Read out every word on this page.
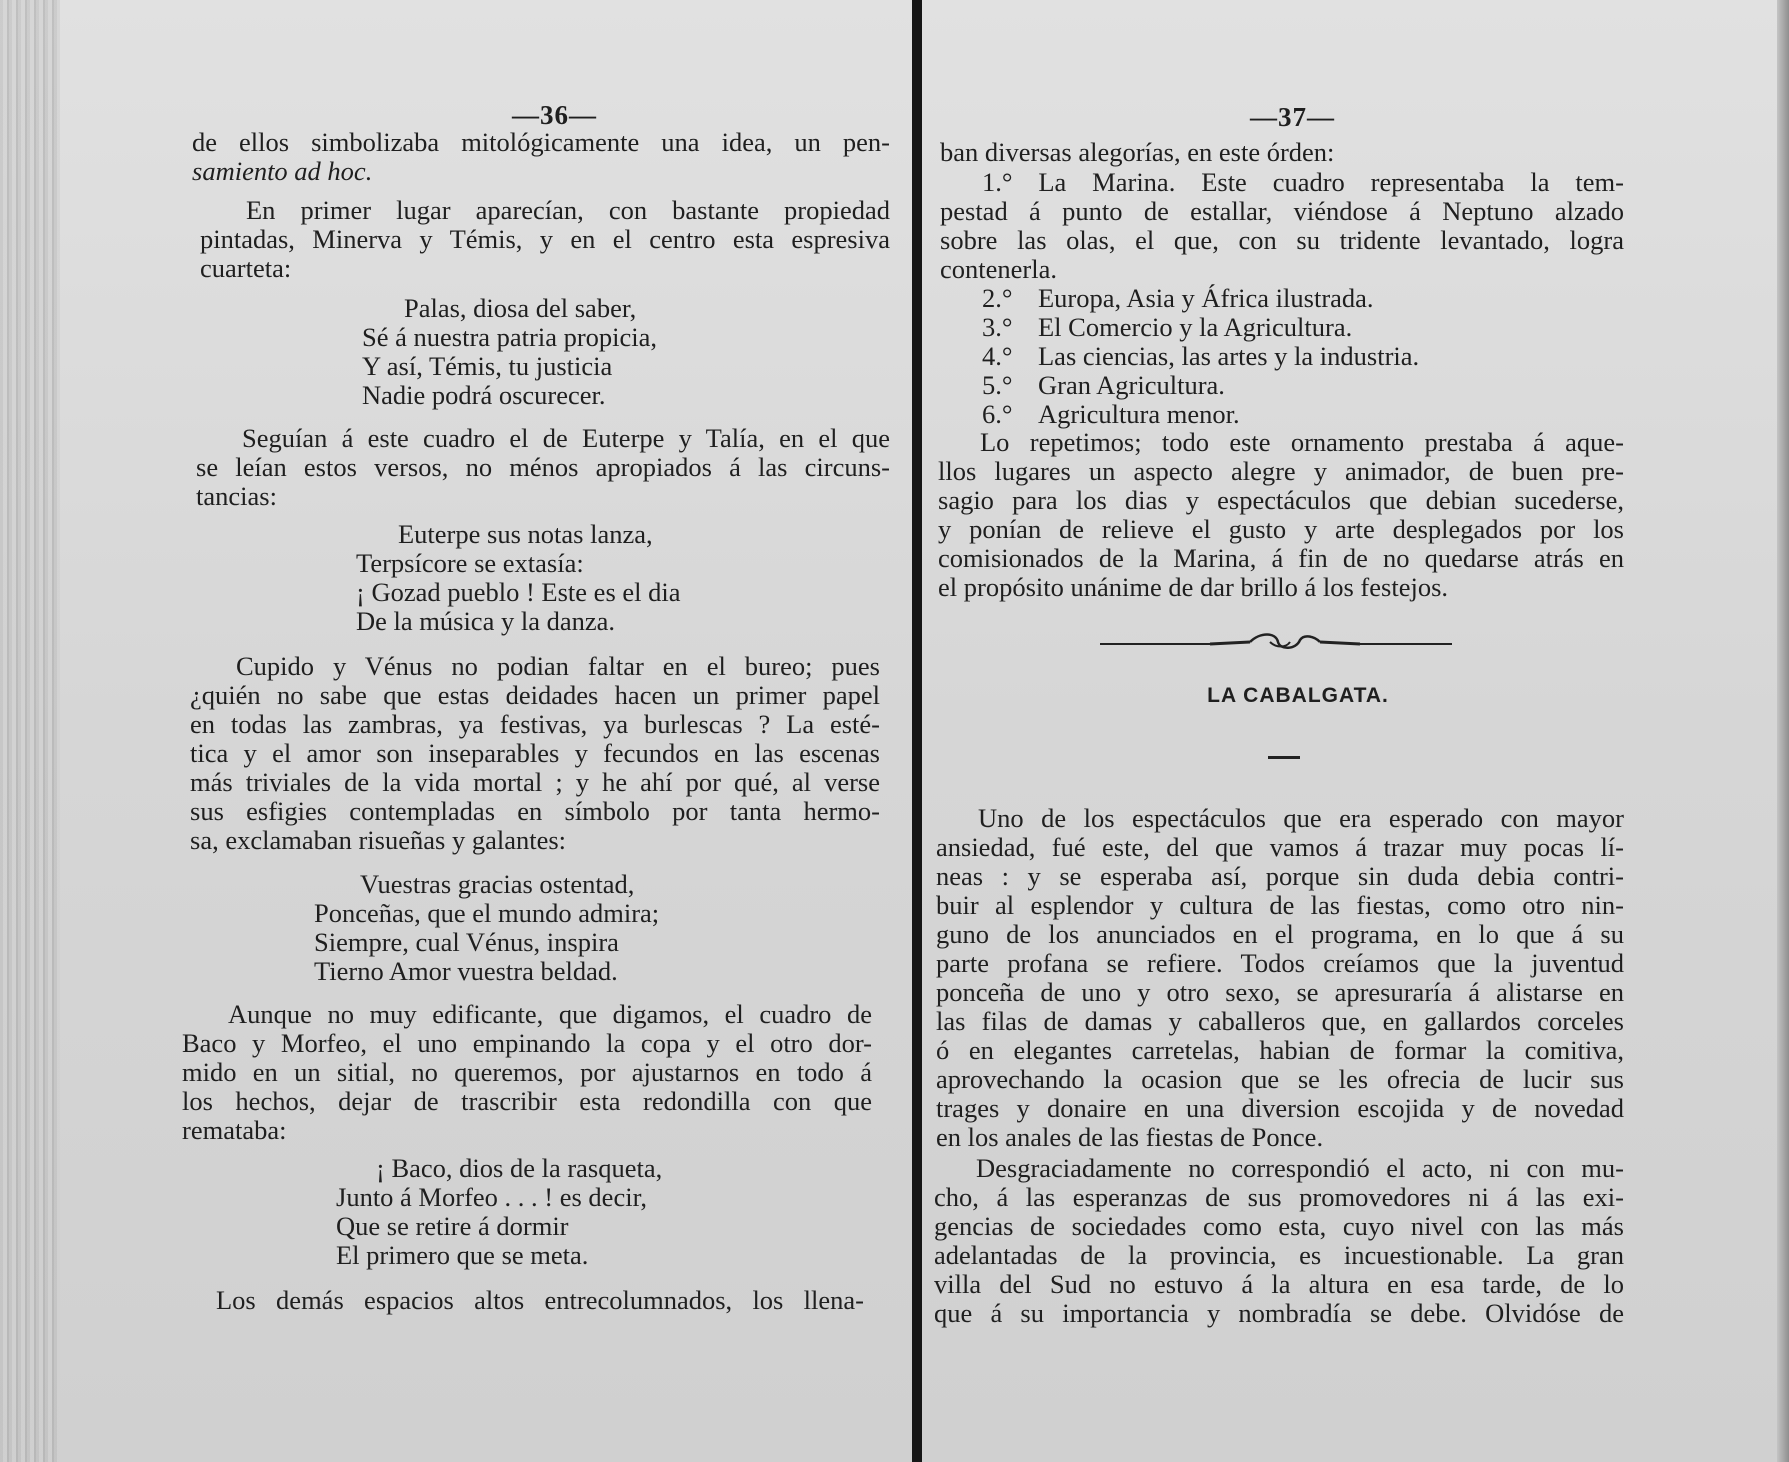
—36—
de ellos simbolizaba mitológicamente una idea, un pen-
samiento ad hoc.
En primer lugar aparecían, con bastante propiedad
pintadas, Minerva y Témis, y en el centro esta espresiva
cuarteta:
Palas, diosa del saber,
Sé á nuestra patria propicia,
Y así, Témis, tu justicia
Nadie podrá oscurecer.
Seguían á este cuadro el de Euterpe y Talía, en el que
se leían estos versos, no ménos apropiados á las circuns-
tancias:
Euterpe sus notas lanza,
Terpsícore se extasía:
¡ Gozad pueblo ! Este es el dia
De la música y la danza.
Cupido y Vénus no podian faltar en el bureo; pues
¿quién no sabe que estas deidades hacen un primer papel
en todas las zambras, ya festivas, ya burlescas ? La esté-
tica y el amor son inseparables y fecundos en las escenas
más triviales de la vida mortal ; y he ahí por qué, al verse
sus esfigies contempladas en símbolo por tanta hermo-
sa, exclamaban risueñas y galantes:
Vuestras gracias ostentad,
Ponceñas, que el mundo admira;
Siempre, cual Vénus, inspira
Tierno Amor vuestra beldad.
Aunque no muy edificante, que digamos, el cuadro de
Baco y Morfeo, el uno empinando la copa y el otro dor-
mido en un sitial, no queremos, por ajustarnos en todo á
los hechos, dejar de trascribir esta redondilla con que
remataba:
¡ Baco, dios de la rasqueta,
Junto á Morfeo . . . ! es decir,
Que se retire á dormir
El primero que se meta.
Los demás espacios altos entrecolumnados, los llena-
—37—
ban diversas alegorías, en este órden:
1.° La Marina. Este cuadro representaba la tem-
pestad á punto de estallar, viéndose á Neptuno alzado
sobre las olas, el que, con su tridente levantado, logra
contenerla.
2.° Europa, Asia y África ilustrada.
3.° El Comercio y la Agricultura.
4.° Las ciencias, las artes y la industria.
5.° Gran Agricultura.
6.° Agricultura menor.
Lo repetimos; todo este ornamento prestaba á aque-
llos lugares un aspecto alegre y animador, de buen pre-
sagio para los dias y espectáculos que debian sucederse,
y ponían de relieve el gusto y arte desplegados por los
comisionados de la Marina, á fin de no quedarse atrás en
el propósito unánime de dar brillo á los festejos.
LA CABALGATA.
Uno de los espectáculos que era esperado con mayor
ansiedad, fué este, del que vamos á trazar muy pocas lí-
neas : y se esperaba así, porque sin duda debia contri-
buir al esplendor y cultura de las fiestas, como otro nin-
guno de los anunciados en el programa, en lo que á su
parte profana se refiere. Todos creíamos que la juventud
ponceña de uno y otro sexo, se apresuraría á alistarse en
las filas de damas y caballeros que, en gallardos corceles
ó en elegantes carretelas, habian de formar la comitiva,
aprovechando la ocasion que se les ofrecia de lucir sus
trages y donaire en una diversion escojida y de novedad
en los anales de las fiestas de Ponce.
Desgraciadamente no correspondió el acto, ni con mu-
cho, á las esperanzas de sus promovedores ni á las exi-
gencias de sociedades como esta, cuyo nivel con las más
adelantadas de la provincia, es incuestionable. La gran
villa del Sud no estuvo á la altura en esa tarde, de lo
que á su importancia y nombradía se debe. Olvidóse de
